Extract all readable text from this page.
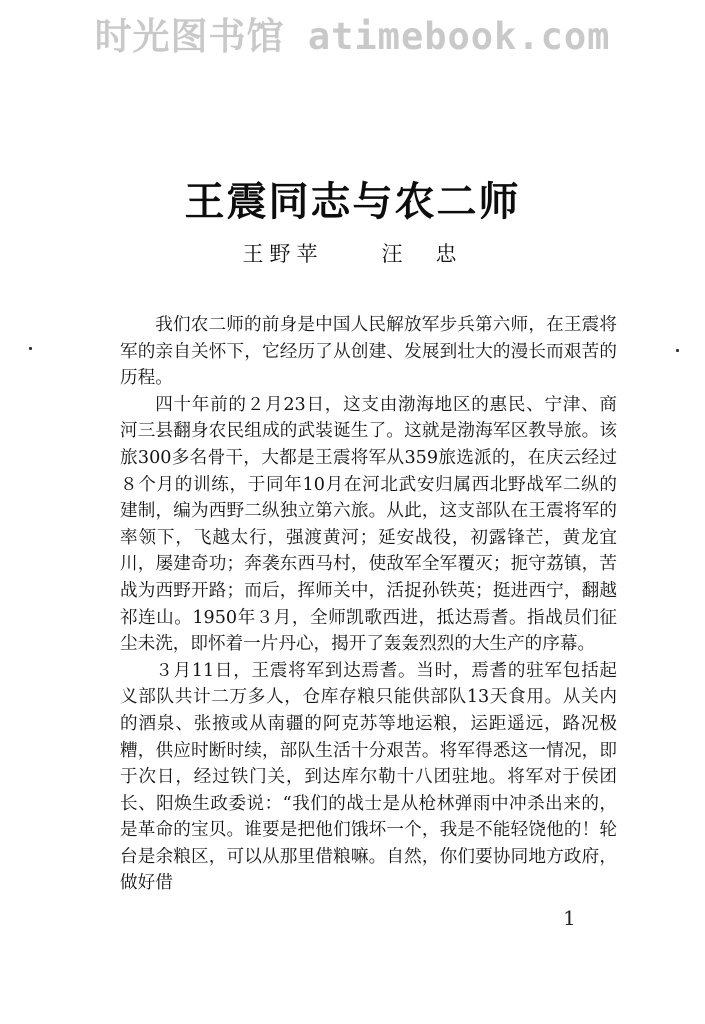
时光图书馆 atimebook.com
王震同志与农二师
王野苹	汪　忠

我们农二师的前身是中国人民解放军步兵第六师，在王震将军的亲自关怀下，它经历了从创建、发展到壮大的漫长而艰苦的历程。

四十年前的２月23日，这支由渤海地区的惠民、宁津、商河三县翻身农民组成的武装诞生了。这就是渤海军区教导旅。该旅300多名骨干，大都是王震将军从359旅选派的，在庆云经过８个月的训练，于同年10月在河北武安归属西北野战军二纵的建制，编为西野二纵独立第六旅。从此，这支部队在王震将军的率领下，飞越太行，强渡黄河；延安战役，初露锋芒，黄龙宜川，屡建奇功；奔袭东西马村，使敌军全军覆灭；扼守荔镇，苦战为西野开路；而后，挥师关中，活捉孙铁英；挺进西宁，翻越祁连山。1950年３月，全师凯歌西进，抵达焉耆。指战员们征尘未洗，即怀着一片丹心，揭开了轰轰烈烈的大生产的序幕。

３月11日，王震将军到达焉耆。当时，焉耆的驻军包括起义部队共计二万多人，仓库存粮只能供部队13天食用。从关内的酒泉、张掖或从南疆的阿克苏等地运粮，运距遥远，路况极糟，供应时断时续，部队生活十分艰苦。将军得悉这一情况，即于次日，经过铁门关，到达库尔勒十八团驻地。将军对于侯团长、阳焕生政委说：“我们的战士是从枪林弹雨中冲杀出来的，是革命的宝贝。谁要是把他们饿坏一个，我是不能轻饶他的！轮台是余粮区，可以从那里借粮嘛。自然，你们要协同地方政府，做好借

1
